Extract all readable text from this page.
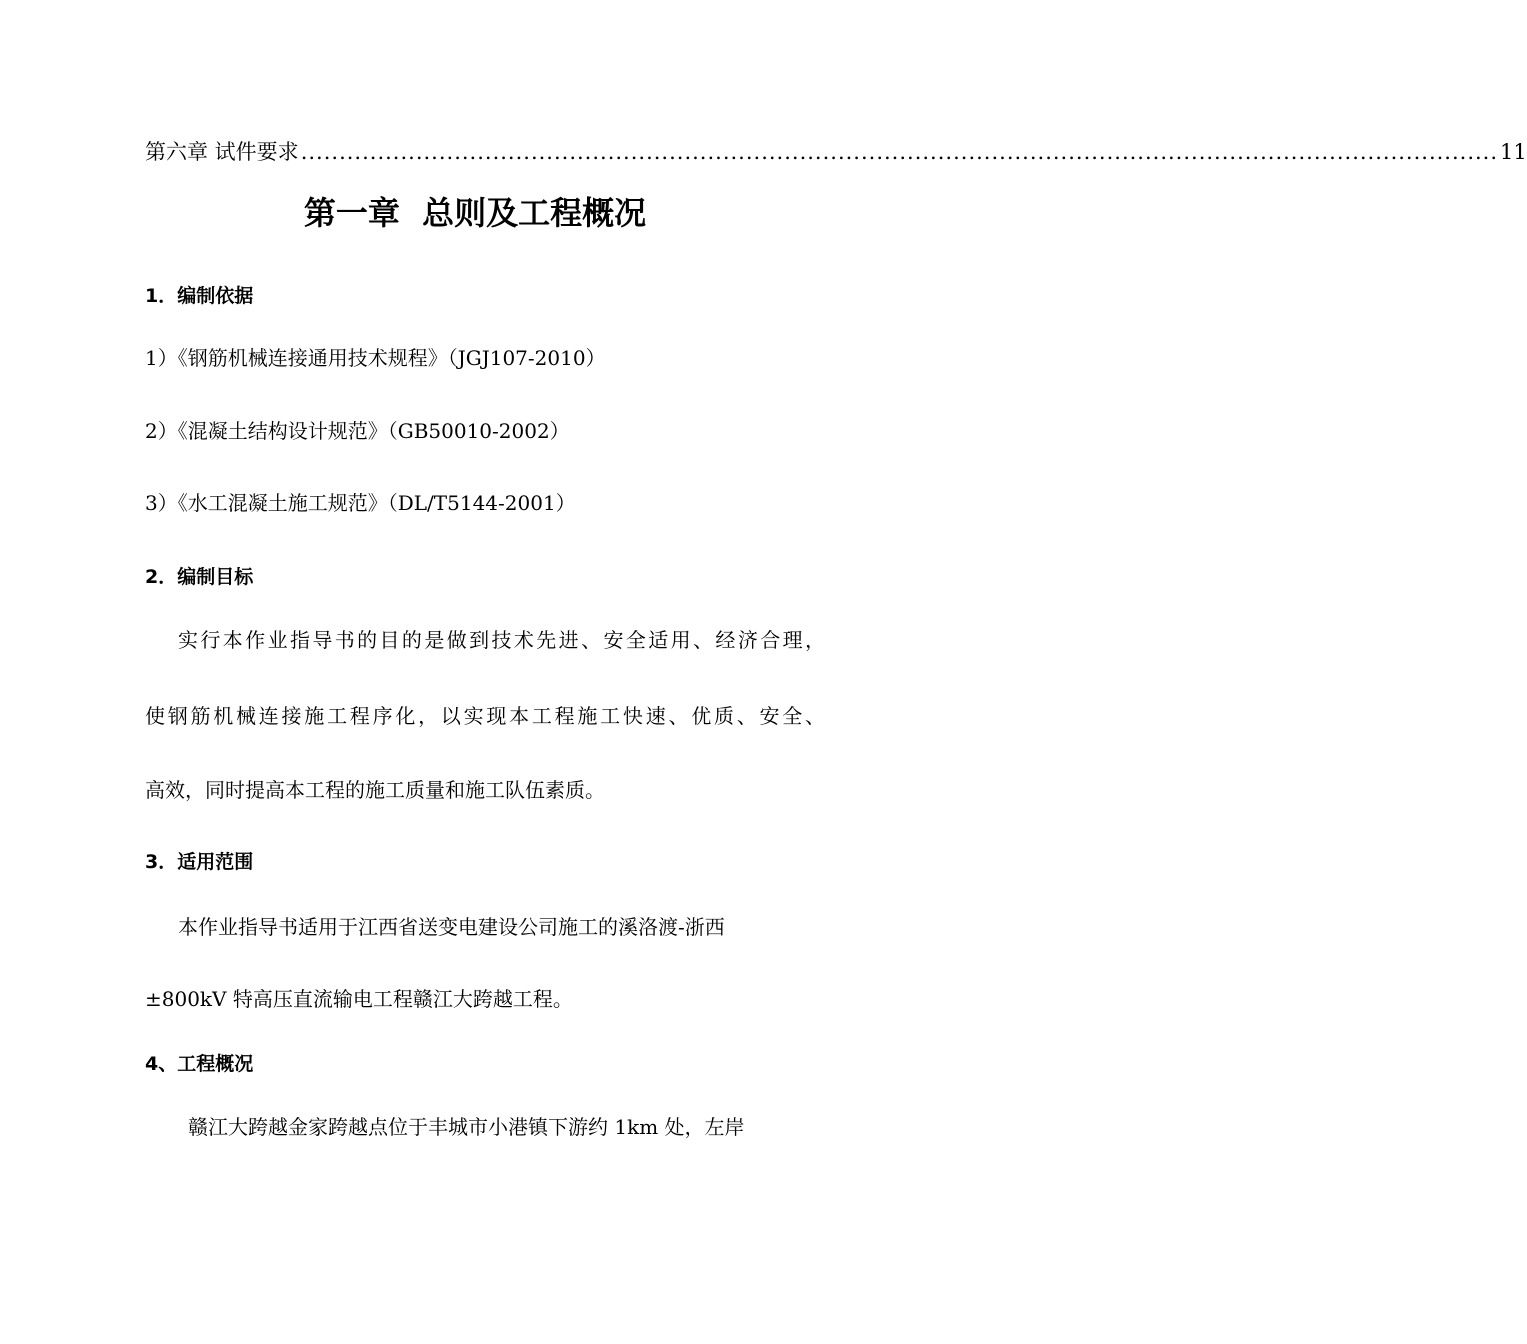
第六章 试件要求 ............................................................................................................................................................ 11
第一章  总则及工程概况
1．编制依据
1）《钢筋机械连接通用技术规程》（JGJ107-2010）
2）《混凝土结构设计规范》（GB50010-2002）
3）《水工混凝土施工规范》（DL/T5144-2001）
2．编制目标
实行本作业指导书的目的是做到技术先进、安全适用、经济合理，
使钢筋机械连接施工程序化，以实现本工程施工快速、优质、安全、
高效，同时提高本工程的施工质量和施工队伍素质。
3．适用范围
本作业指导书适用于江西省送变电建设公司施工的溪洛渡-浙西
±800kV 特高压直流输电工程赣江大跨越工程。
4、工程概况
赣江大跨越金家跨越点位于丰城市小港镇下游约 1km 处，左岸
